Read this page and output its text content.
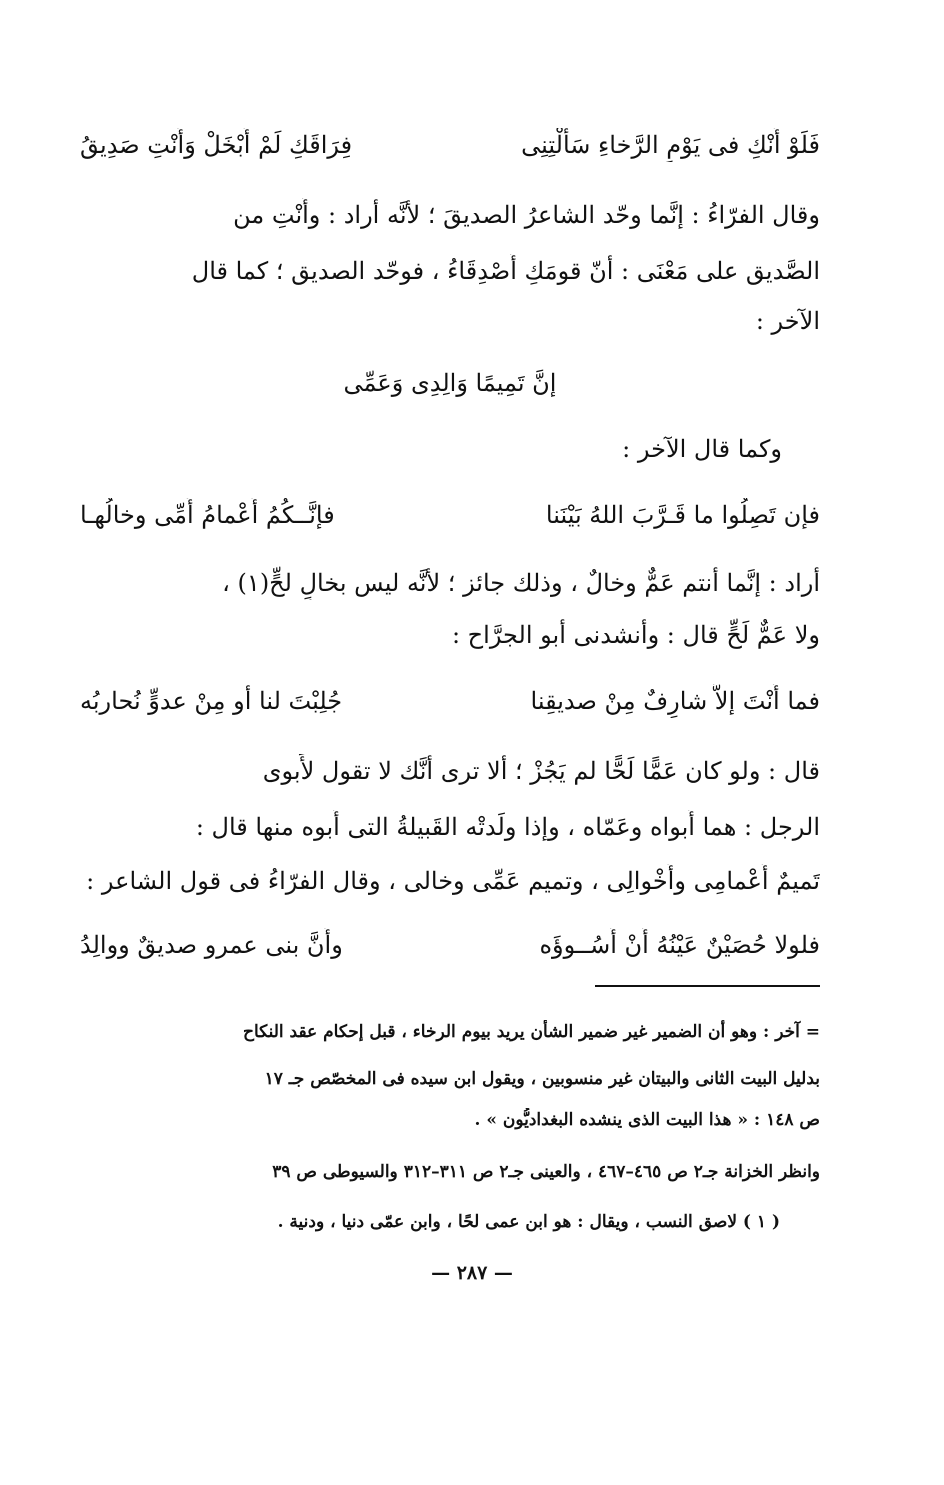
فَلَوْ أَنْكِ فى يَوْمِ الرَّخاءِ سَأَلْتِنِى
فِرَاقَكِ لَمْ أَبْخَلْ وَأَنْتِ صَدِيقُ
وقال الفرّاءُ : إنَّما وحّد الشاعرُ الصديقَ ؛ لأنَّه أراد : وأَنْتِ من
الصَّديق على مَعْنَى : أنّ قومَكِ أَصْدِقَاءُ ، فوحّد الصديق ؛ كما قال
الآخر :
إنَّ تَمِيمًا وَالِدِى وَعَمِّى
وكما قال الآخر :
فإن تَصِلُوا ما قَـرَّبَ اللهُ بَيْنَنا
فإنَّــكُمُ أَعْمامُ أُمِّى وخالُهـا
أراد : إنَّما أنتم عَمٌّ وخالٌ ، وذلك جائز ؛ لأنَّه ليس بخالٍ لحٍّ(١) ،
ولا عَمٌّ لَحٍّ قال : وأنشدنى أبو الجرَّاح :
فما أَنْتَ إلاَّ شارِفٌ مِنْ صديقِنا
جُلِبْتَ لنا أو مِنْ عدوٍّ نُحاربُه
قال : ولو كان عَمًّا لَحًّا لم يَجُزْ ؛ ألا ترى أنَّك لا تقول لأَبوى
الرجل : هما أَبواه وعَمّاه ، وإذا ولَدتْه القَبيلةُ التى أَبوه منها قال :
تَميمٌ أَعْمامِى وأَخْوالِى ، وتميم عَمِّى وخالى ، وقال الفرّاءُ فى قول الشاعر :
فلولا حُصَيْنٌ عَيْنُهُ أَنْ أَسُــوؤَه
وأَنَّ بنى عمرو صديقٌ ووالِدُ
= آخر : وهو أن الضمير غير ضمير الشأْن يريد بيوم الرخاء ، قبل إحكام عقد النكاح
بدليل البيت الثانى والبيتان غير منسوبين ، ويقول ابن سيده فى المخصّص جـ ١٧
ص ١٤٨ : « هذا البيت الذى ينشده البغداديُّون » .
وانظر الخزانة جـ٢ ص ٤٦٥–٤٦٧ ، والعينى جـ٢ ص ٣١١–٣١٢ والسيوطى ص ٣٩
( ١ ) لاصق النسب ، ويقال : هو ابن عمى لحًا ، وابن عمّى دنيا ، ودنية .
— ٢٨٧ —
